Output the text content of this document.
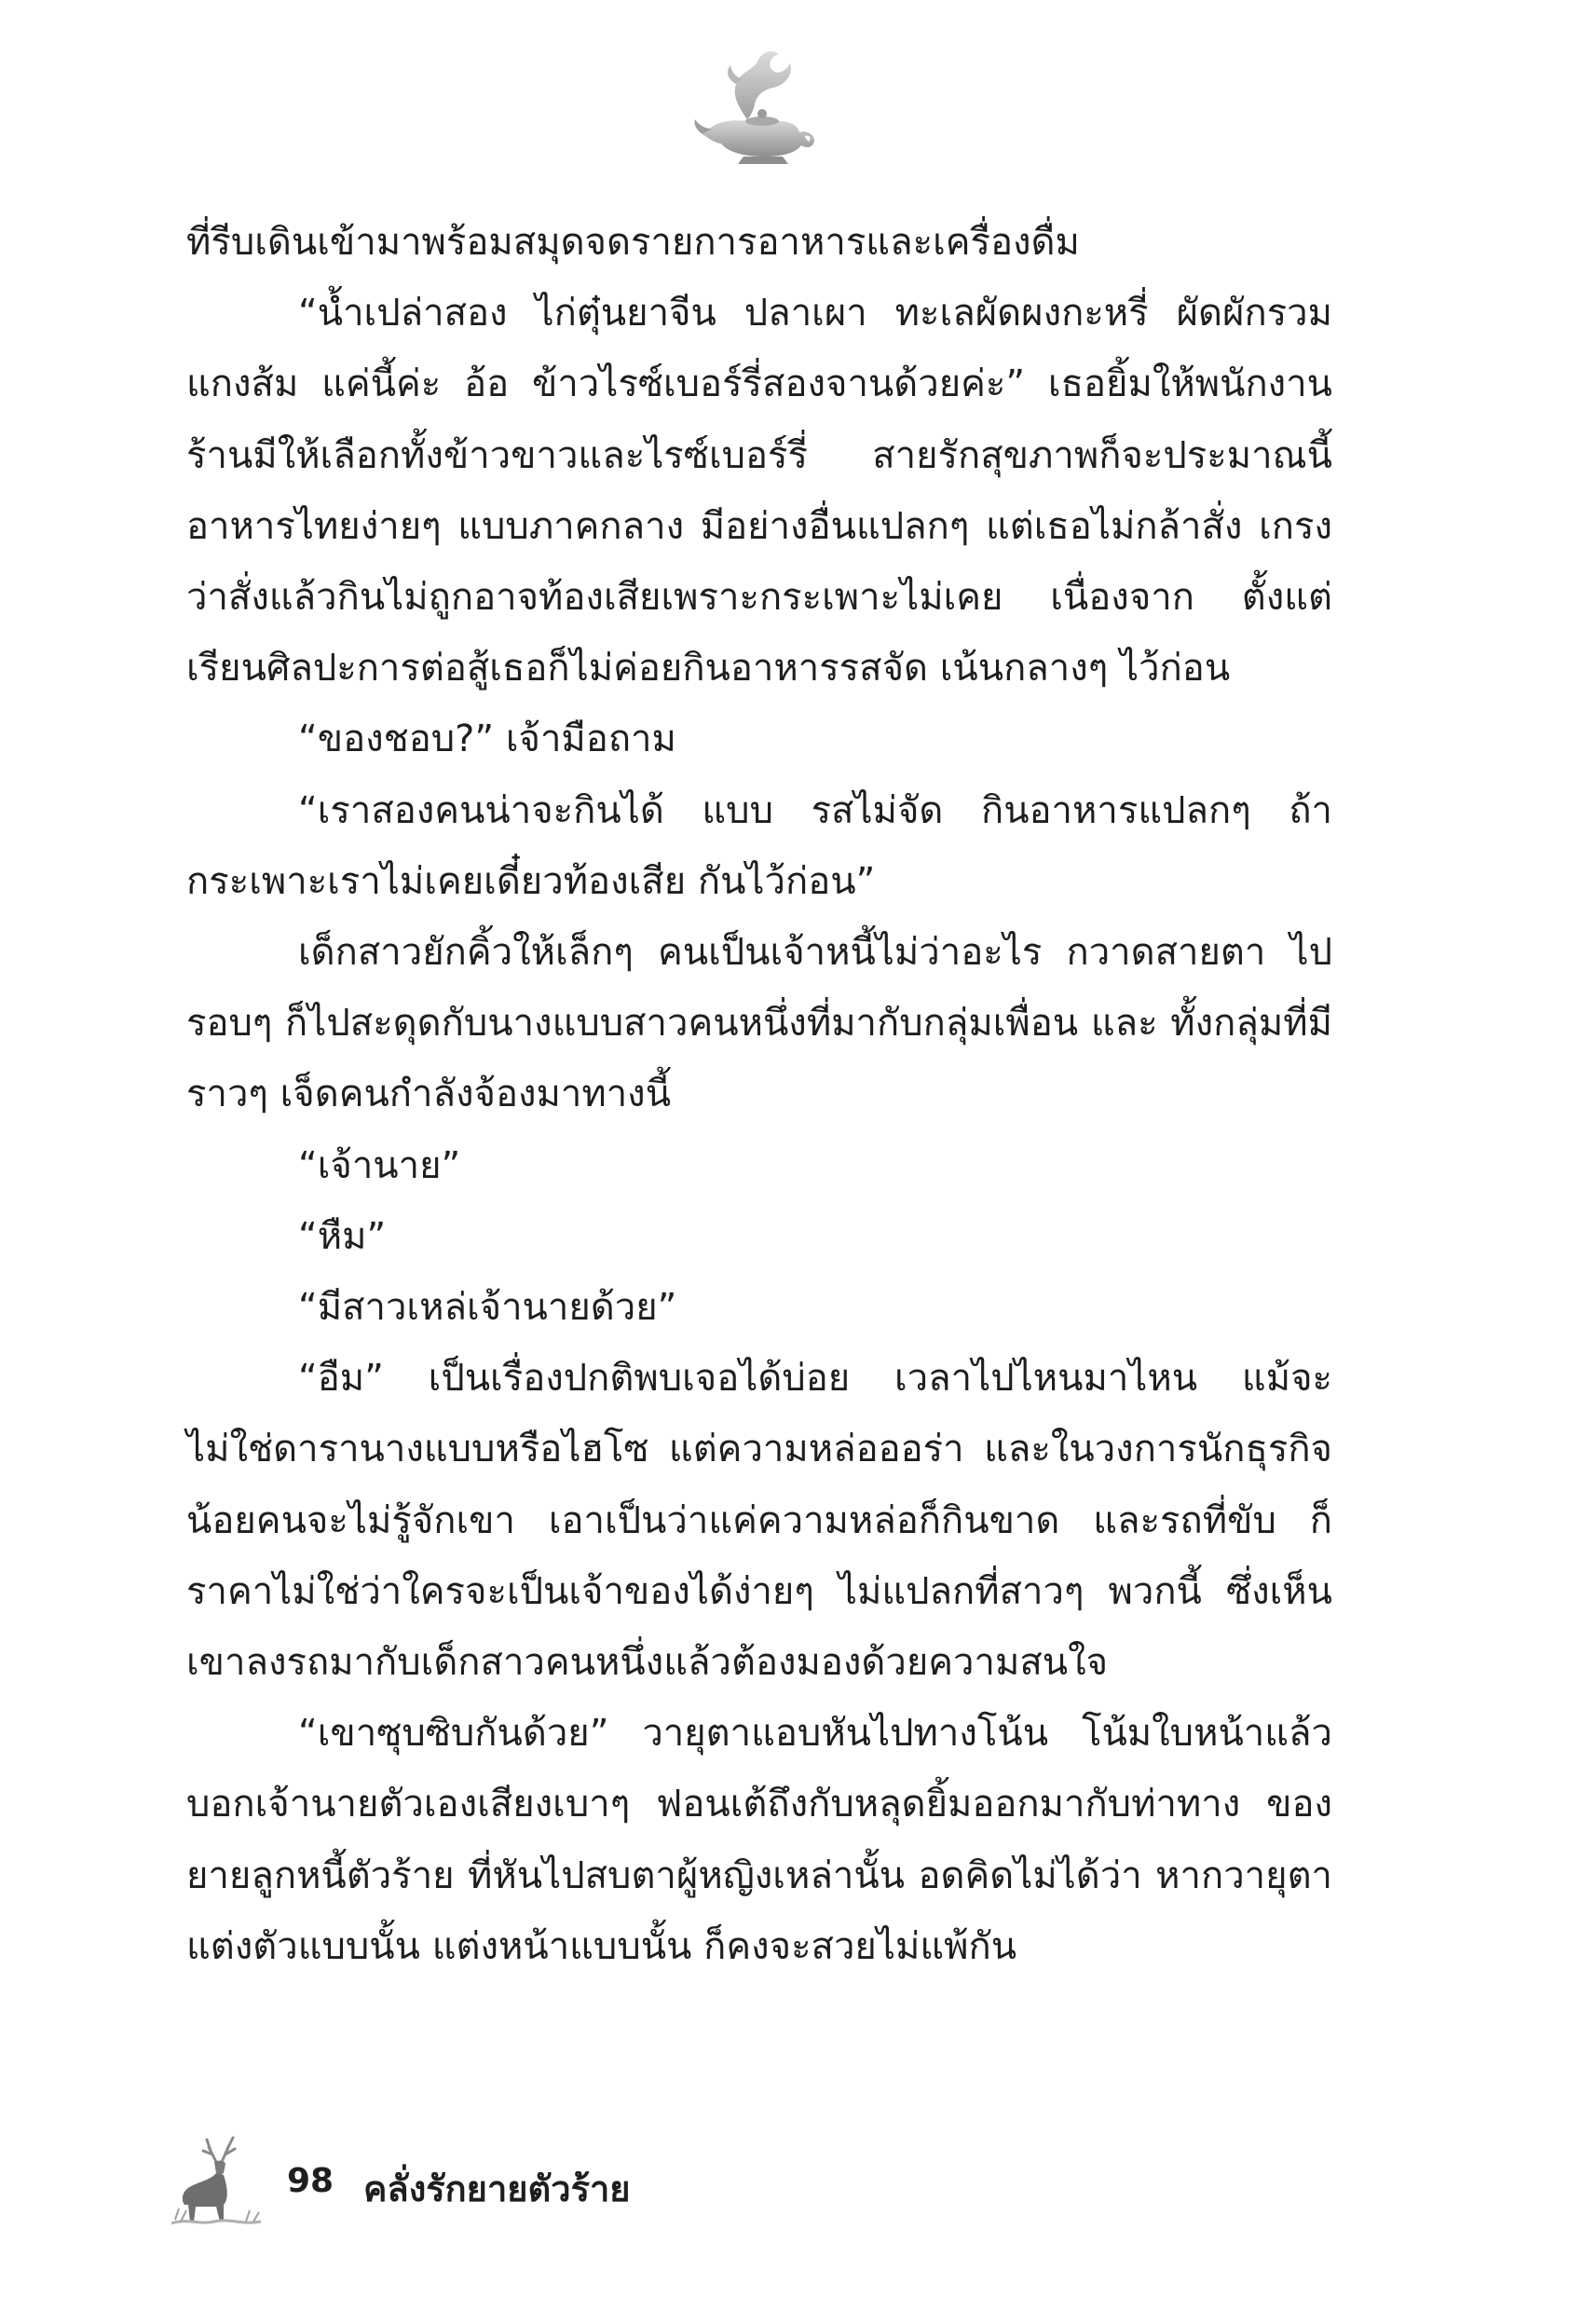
ที่รีบเดินเข้ามาพร้อมสมุดจดรายการอาหารและเครื่องดื่ม

“น้ำเปล่าสอง ไก่ตุ๋นยาจีน ปลาเผา ทะเลผัดผงกะหรี่ ผัดผักรวม แกงส้ม แค่นี้ค่ะ อ้อ ข้าวไรซ์เบอร์รี่สองจานด้วยค่ะ” เธอยิ้มให้พนักงาน ร้านมีให้เลือกทั้งข้าวขาวและไรซ์เบอร์รี่ สายรักสุขภาพก็จะประมาณนี้ อาหารไทยง่ายๆ แบบภาคกลาง มีอย่างอื่นแปลกๆ แต่เธอไม่กล้าสั่ง เกรงว่าสั่งแล้วกินไม่ถูกอาจท้องเสียเพราะกระเพาะไม่เคย เนื่องจาก ตั้งแต่เรียนศิลปะการต่อสู้เธอก็ไม่ค่อยกินอาหารรสจัด เน้นกลางๆ ไว้ก่อน

“ของชอบ?” เจ้ามือถาม

“เราสองคนน่าจะกินได้ แบบ รสไม่จัด กินอาหารแปลกๆ ถ้ากระเพาะเราไม่เคยเดี๋ยวท้องเสีย กันไว้ก่อน”

เด็กสาวยักคิ้วให้เล็กๆ คนเป็นเจ้าหนี้ไม่ว่าอะไร กวาดสายตา ไปรอบๆ ก็ไปสะดุดกับนางแบบสาวคนหนึ่งที่มากับกลุ่มเพื่อน และ ทั้งกลุ่มที่มีราวๆ เจ็ดคนกำลังจ้องมาทางนี้

“เจ้านาย”

“หืม”

“มีสาวเหล่เจ้านายด้วย”

“อืม” เป็นเรื่องปกติพบเจอได้บ่อย เวลาไปไหนมาไหน แม้จะ ไม่ใช่ดารานางแบบหรือไฮโซ แต่ความหล่อออร่า และในวงการนักธุรกิจ น้อยคนจะไม่รู้จักเขา เอาเป็นว่าแค่ความหล่อก็กินขาด และรถที่ขับ ก็ราคาไม่ใช่ว่าใครจะเป็นเจ้าของได้ง่ายๆ ไม่แปลกที่สาวๆ พวกนี้ ซึ่งเห็นเขาลงรถมากับเด็กสาวคนหนึ่งแล้วต้องมองด้วยความสนใจ

“เขาซุบซิบกันด้วย” วายุตาแอบหันไปทางโน้น โน้มใบหน้าแล้ว บอกเจ้านายตัวเองเสียงเบาๆ ฟอนเต้ถึงกับหลุดยิ้มออกมากับท่าทาง ของยายลูกหนี้ตัวร้าย ที่หันไปสบตาผู้หญิงเหล่านั้น อดคิดไม่ได้ว่า หากวายุตาแต่งตัวแบบนั้น แต่งหน้าแบบนั้น ก็คงจะสวยไม่แพ้กัน

98 คลั่งรักยายตัวร้าย
